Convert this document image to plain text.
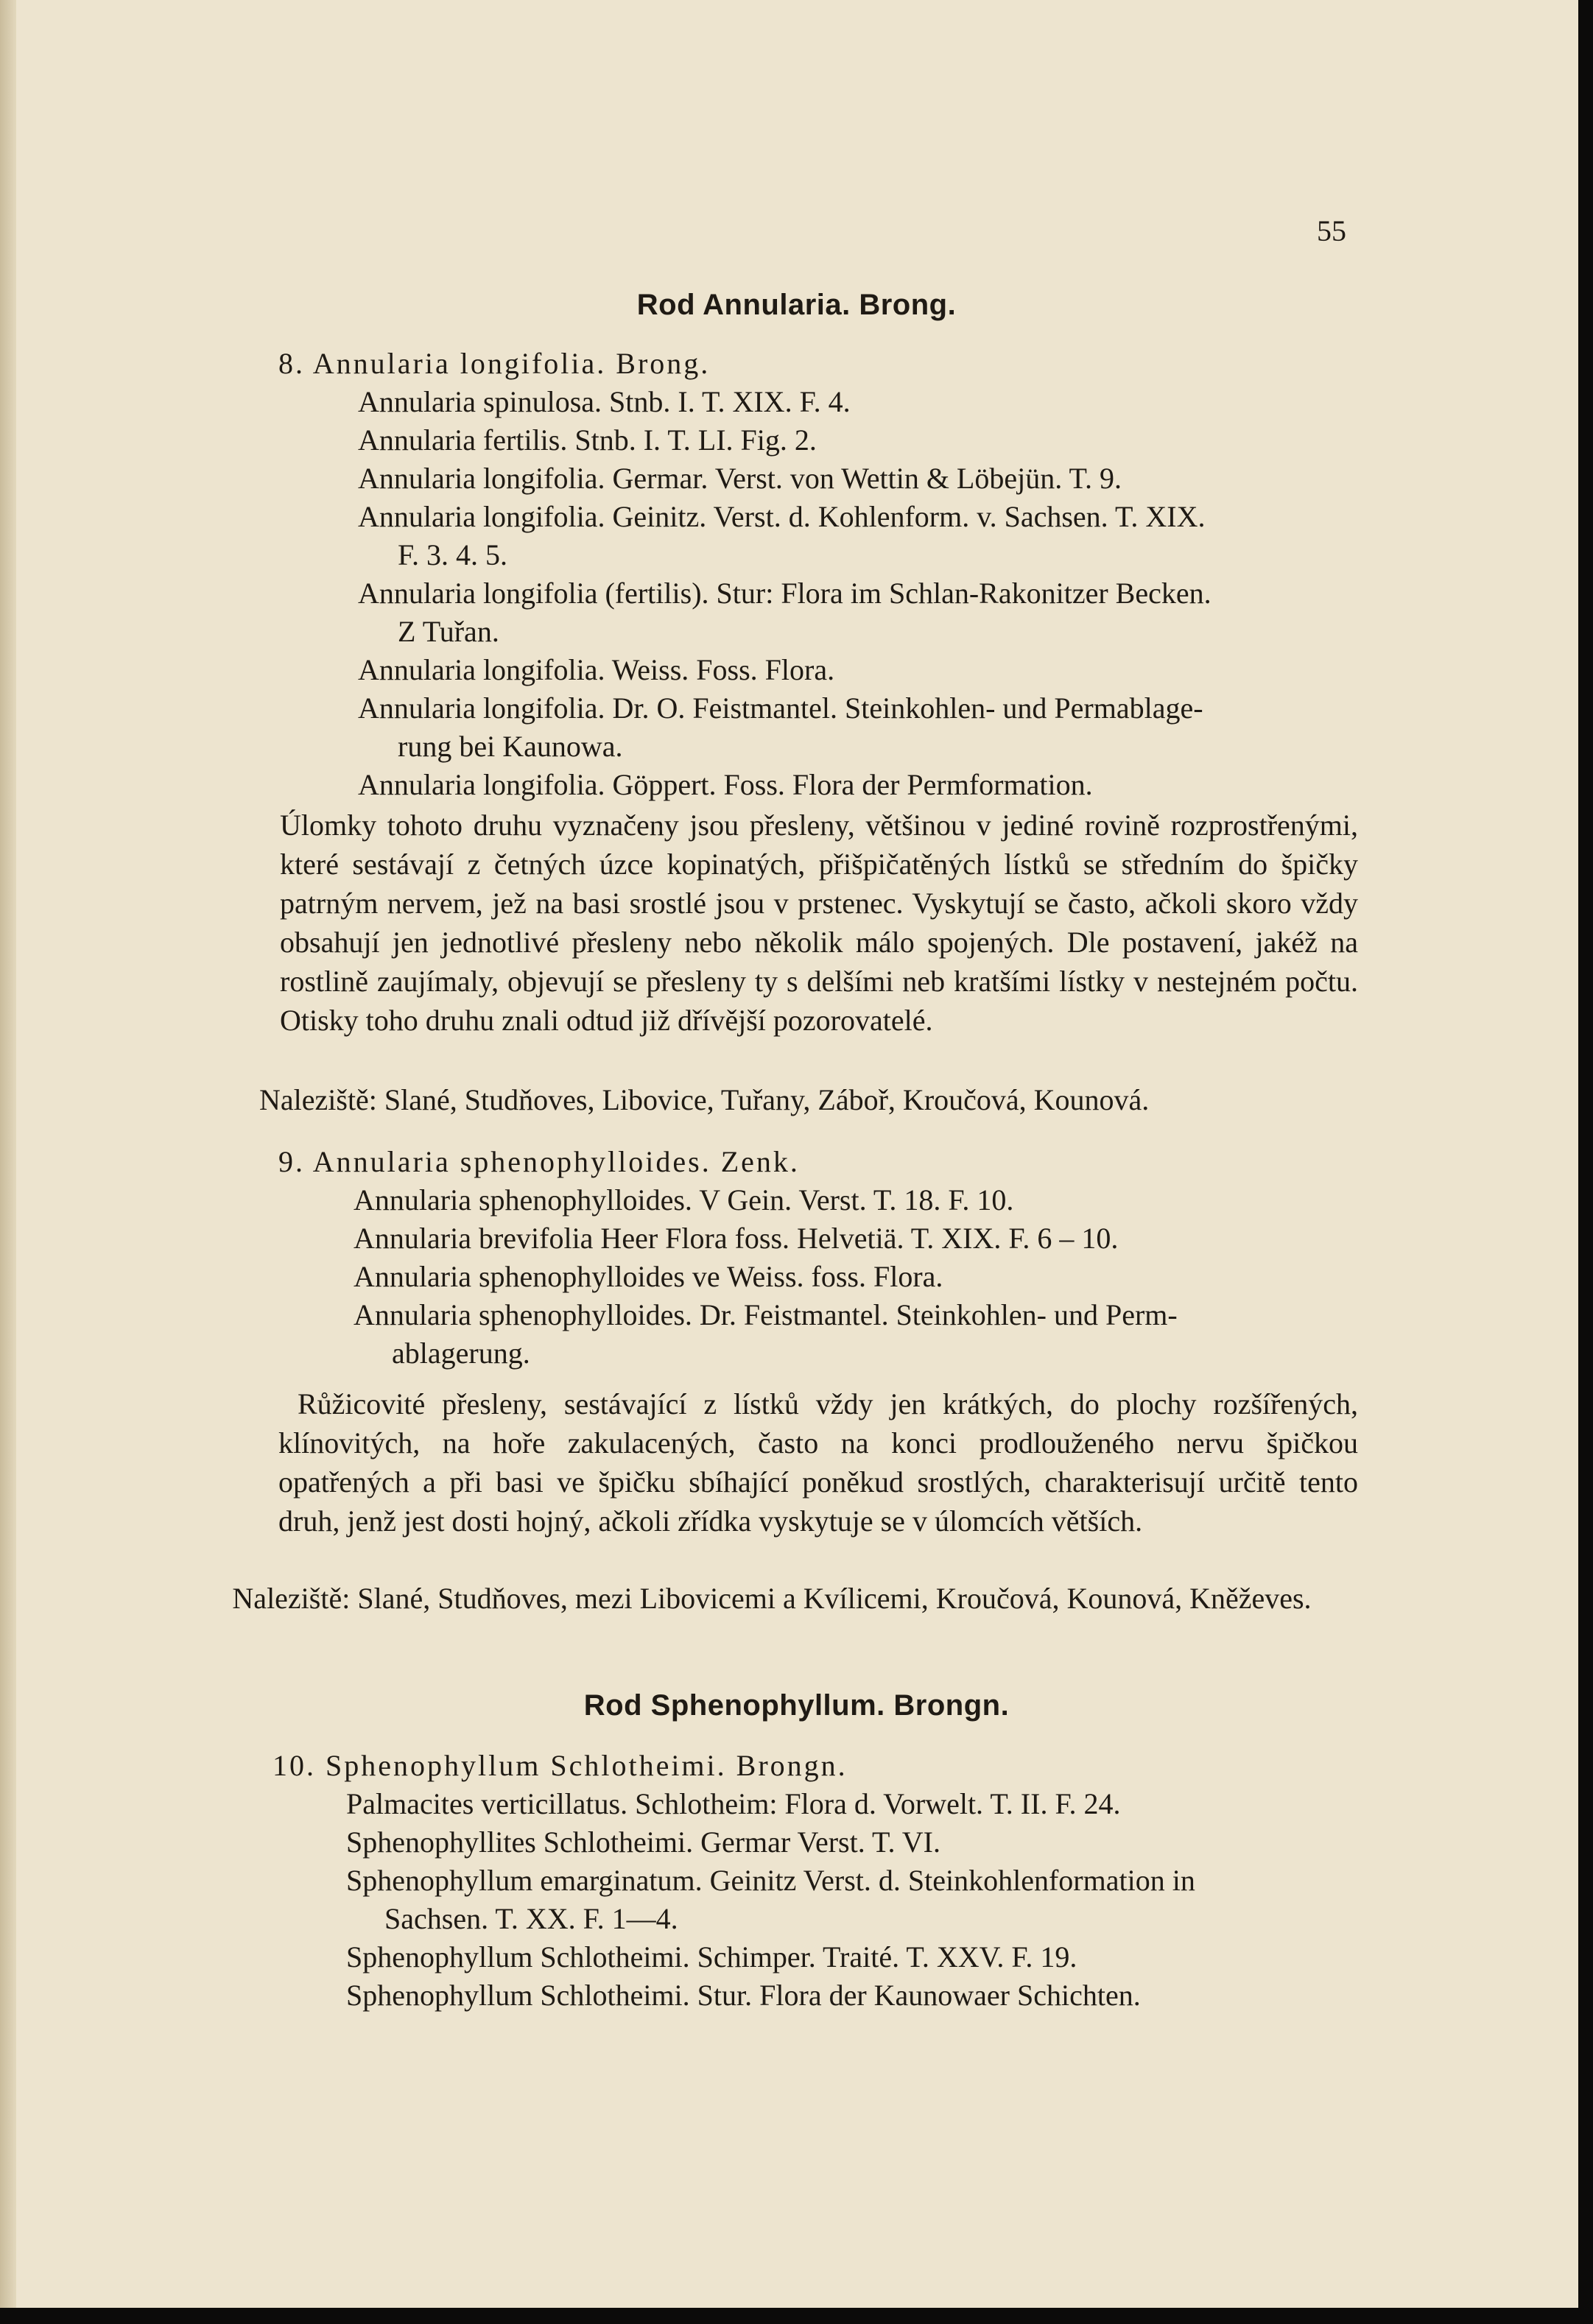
55
Rod Annularia. Brong.
8. Annularia longifolia. Brong.
Annularia spinulosa. Stnb. I. T. XIX. F. 4.
Annularia fertilis. Stnb. I. T. LI. Fig. 2.
Annularia longifolia. Germar. Verst. von Wettin & Löbejün. T. 9.
Annularia longifolia. Geinitz. Verst. d. Kohlenform. v. Sachsen. T. XIX.
F. 3. 4. 5.
Annularia longifolia (fertilis). Stur: Flora im Schlan-Rakonitzer Becken.
Z Tuřan.
Annularia longifolia. Weiss. Foss. Flora.
Annularia longifolia. Dr. O. Feistmantel. Steinkohlen- und Permablage-
rung bei Kaunowa.
Annularia longifolia. Göppert. Foss. Flora der Permformation.
Úlomky tohoto druhu vyznačeny jsou přesleny, většinou v jediné rovině rozprostřenými, které sestávají z četných úzce kopinatých, přišpičatěných lístků se středním do špičky patrným nervem, jež na basi srostlé jsou v prstenec. Vyskytují se často, ačkoli skoro vždy obsahují jen jednotlivé přesleny nebo několik málo spojených. Dle postavení, jakéž na rostlině zaujímaly, objevují se přesleny ty s delšími neb kratšími lístky v nestejném počtu. Otisky toho druhu znali odtud již dřívější pozorovatelé.
Naleziště: Slané, Studňoves, Libovice, Tuřany, Záboř, Kroučová, Kounová.
9. Annularia sphenophylloides. Zenk.
Annularia sphenophylloides. V Gein. Verst. T. 18. F. 10.
Annularia brevifolia Heer Flora foss. Helvetiä. T. XIX. F. 6 – 10.
Annularia sphenophylloides ve Weiss. foss. Flora.
Annularia sphenophylloides. Dr. Feistmantel. Steinkohlen- und Perm-
ablagerung.
Růžicovité přesleny, sestávající z lístků vždy jen krátkých, do plochy rozšířených, klínovitých, na hoře zakulacených, často na konci prodlouženého nervu špičkou opatřených a při basi ve špičku sbíhající poněkud srostlých, charakterisují určitě tento druh, jenž jest dosti hojný, ačkoli zřídka vyskytuje se v úlomcích větších.
Naleziště: Slané, Studňoves, mezi Libovicemi a Kvílicemi, Kroučová, Kounová, Kněževes.
Rod Sphenophyllum. Brongn.
10. Sphenophyllum Schlotheimi. Brongn.
Palmacites verticillatus. Schlotheim: Flora d. Vorwelt. T. II. F. 24.
Sphenophyllites Schlotheimi. Germar Verst. T. VI.
Sphenophyllum emarginatum. Geinitz Verst. d. Steinkohlenformation in
Sachsen. T. XX. F. 1—4.
Sphenophyllum Schlotheimi. Schimper. Traité. T. XXV. F. 19.
Sphenophyllum Schlotheimi. Stur. Flora der Kaunowaer Schichten.
